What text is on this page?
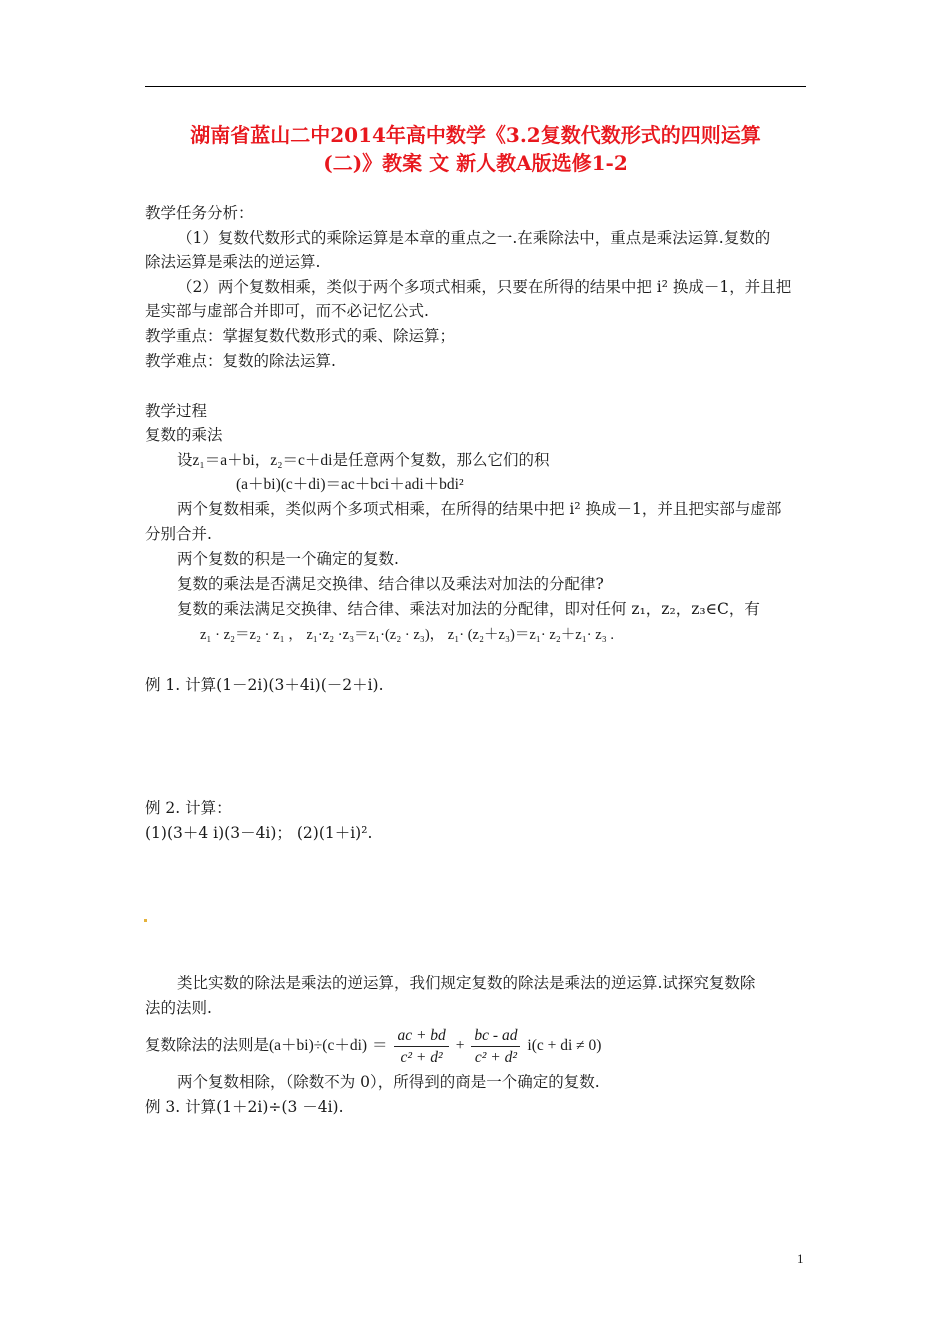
湖南省蓝山二中2014年高中数学《3.2复数代数形式的四则运算
(二)》教案 文 新人教A版选修1-2
教学任务分析：
（1）复数代数形式的乘除运算是本章的重点之一.在乘除法中，重点是乘法运算.复数的
除法运算是乘法的逆运算.
（2）两个复数相乘，类似于两个多项式相乘，只要在所得的结果中把 i² 换成－1，并且把
是实部与虚部合并即可，而不必记忆公式.
教学重点：掌握复数代数形式的乘、除运算；
教学难点：复数的除法运算.
教学过程
复数的乘法
设z₁＝a＋bi，z₂＝c＋di是任意两个复数，那么它们的积
(a＋bi)(c＋di)＝ac＋bci＋adi＋bdi²
两个复数相乘，类似两个多项式相乘，在所得的结果中把 i² 换成－1，并且把实部与虚部
分别合并.
两个复数的积是一个确定的复数.
复数的乘法是否满足交换律、结合律以及乘法对加法的分配律?
复数的乘法满足交换律、结合律、乘法对加法的分配律，即对任何 z₁，z₂，z₃∈C，有
z₁ · z₂＝z₂ · z₁ ， z₁·z₂ ·z₃＝z₁·(z₂ · z₃)， z₁· (z₂＋z₃)＝z₁· z₂＋z₁· z₃ .
例 1. 计算(1－2i)(3＋4i)(－2＋i).
例 2. 计算：
(1)(3＋4 i)(3－4i)； (2)(1＋i)².
类比实数的除法是乘法的逆运算，我们规定复数的除法是乘法的逆运算.试探究复数除
法的法则.
复数除法的法则是$(a+bi)\div(c+di) = \frac{ac + bd}{\text{c² + d²}} + \frac{bc - ad}{\text{c² + d²}} i(c$ + di ≠ 0)
两个复数相除，（除数不为 0），所得到的商是一个确定的复数.
例 3. 计算(1＋2i)÷(3 －4i).
1
